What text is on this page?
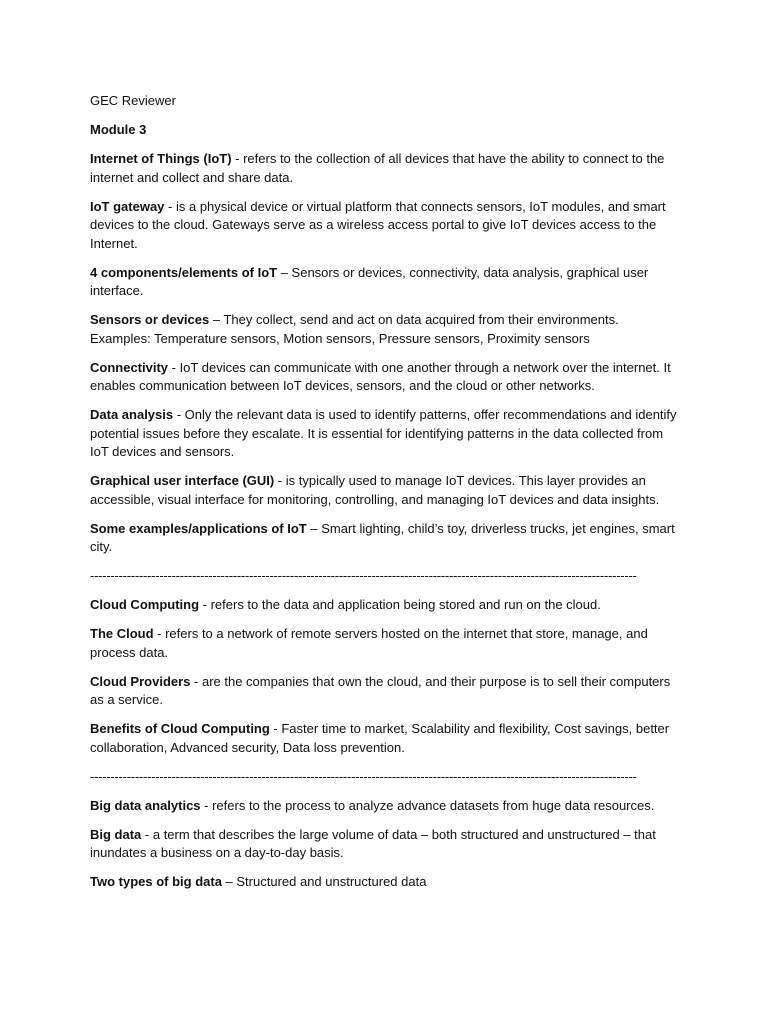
GEC Reviewer

Module 3

Internet of Things (IoT) - refers to the collection of all devices that have the ability to connect to the internet and collect and share data.

IoT gateway - is a physical device or virtual platform that connects sensors, IoT modules, and smart devices to the cloud. Gateways serve as a wireless access portal to give IoT devices access to the Internet.

4 components/elements of IoT – Sensors or devices, connectivity, data analysis, graphical user interface.

Sensors or devices – They collect, send and act on data acquired from their environments. Examples: Temperature sensors, Motion sensors, Pressure sensors, Proximity sensors

Connectivity - IoT devices can communicate with one another through a network over the internet. It enables communication between IoT devices, sensors, and the cloud or other networks.

Data analysis - Only the relevant data is used to identify patterns, offer recommendations and identify potential issues before they escalate. It is essential for identifying patterns in the data collected from IoT devices and sensors.

Graphical user interface (GUI) - is typically used to manage IoT devices. This layer provides an accessible, visual interface for monitoring, controlling, and managing IoT devices and data insights.

Some examples/applications of IoT – Smart lighting, child’s toy, driverless trucks, jet engines, smart city.

--------------------------------------------------------------------------------------------------------------------------------------

Cloud Computing - refers to the data and application being stored and run on the cloud.

The Cloud - refers to a network of remote servers hosted on the internet that store, manage, and process data.

Cloud Providers - are the companies that own the cloud, and their purpose is to sell their computers as a service.

Benefits of Cloud Computing - Faster time to market, Scalability and flexibility, Cost savings, better collaboration, Advanced security, Data loss prevention.

--------------------------------------------------------------------------------------------------------------------------------------

Big data analytics - refers to the process to analyze advance datasets from huge data resources.

Big data - a term that describes the large volume of data – both structured and unstructured – that inundates a business on a day-to-day basis.

Two types of big data – Structured and unstructured data
